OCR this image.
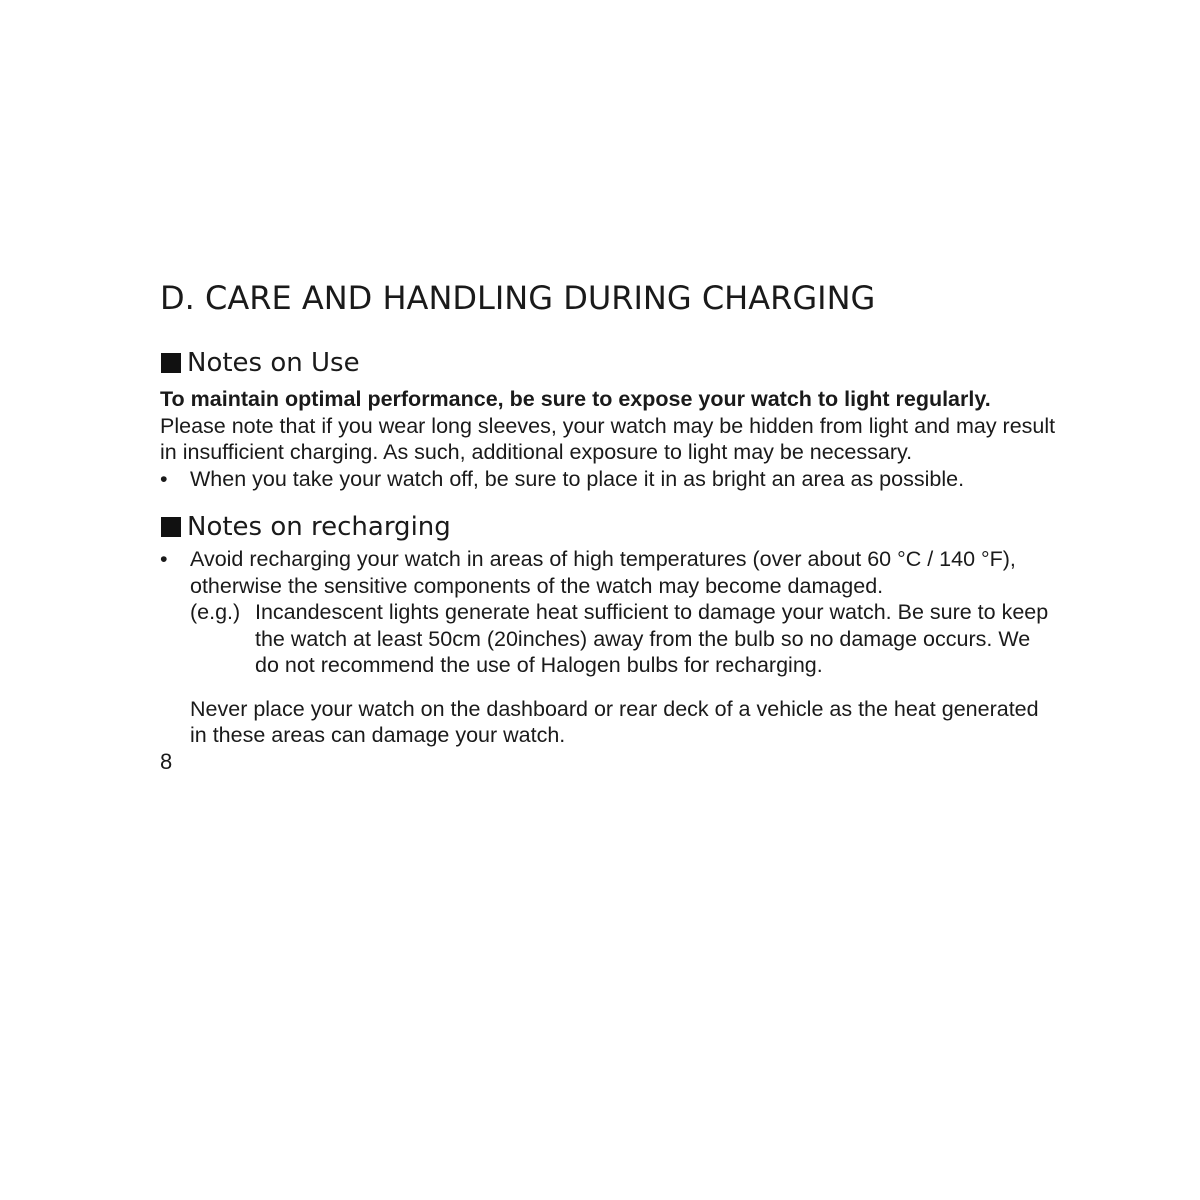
D. CARE AND HANDLING DURING CHARGING
Notes on Use

To maintain optimal performance, be sure to expose your watch to light regularly.

Please note that if you wear long sleeves, your watch may be hidden from light and may result in insufficient charging. As such, additional exposure to light may be necessary.

•	When you take your watch off, be sure to place it in as bright an area as possible.
Notes on recharging
•	Avoid recharging your watch in areas of high temperatures (over about 60 °C / 140 °F), otherwise the sensitive components of the watch may become damaged.
(e.g.) Incandescent lights generate heat sufficient to damage your watch. Be sure to keep the watch at least 50cm (20inches) away from the bulb so no damage occurs. We do not recommend the use of Halogen bulbs for recharging.

Never place your watch on the dashboard or rear deck of a vehicle as the heat generated in these areas can damage your watch.

8
